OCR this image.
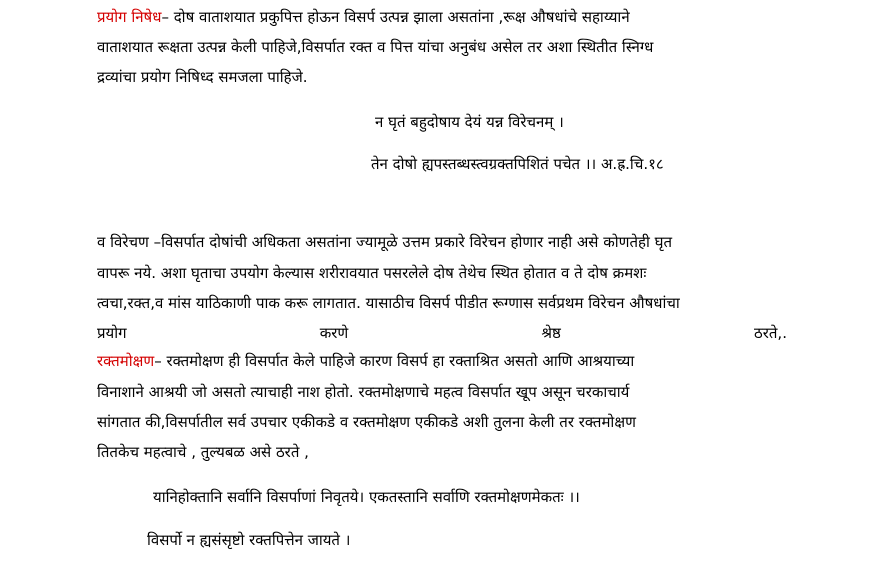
प्रयोग निषेध– दोष वाताशयात प्रकुपित्त होऊन विसर्प उत्पन्न झाला असतांना ,रूक्ष औषधांचे सहाय्याने
वाताशयात रूक्षता उत्पन्न केली पाहिजे,विसर्पात रक्त व पित्त यांचा अनुबंध असेल तर अशा स्थितीत स्निग्ध
द्रव्यांचा प्रयोग निषिध्द समजला पाहिजे.
न घृतं बहुदोषाय देयं यन्न विरेचनम् ।
तेन दोषो ह्यपस्तब्धस्त्वग्रक्तपिशितं पचेत ।। अ.ह्र.चि.१८
व विरेचण –विसर्पात दोषांची अधिकता असतांना ज्यामूळे उत्तम प्रकारे विरेचन होणार नाही असे कोणतेही घृत
वापरू नये. अशा घृताचा उपयोग केल्यास शरीरावयात पसरलेले दोष तेथेच स्थित होतात व ते दोष क्रमशः
त्वचा,रक्त,व मांस याठिकाणी पाक करू लागतात. यासाठीच विसर्प पीडीत रूग्णास सर्वप्रथम विरेचन औषधांचा
प्रयोग	करणे	श्रेष्ठ	ठरते,.
रक्तमोक्षण– रक्तमोक्षण ही विसर्पात केले पाहिजे कारण विसर्प हा रक्ताश्रित असतो आणि आश्रयाच्या
विनाशाने आश्रयी जो असतो त्याचाही नाश होतो. रक्तमोक्षणाचे महत्व विसर्पात खूप असून चरकाचार्य
सांगतात की,विसर्पातील सर्व उपचार एकीकडे व रक्तमोक्षण एकीकडे अशी तुलना केली तर रक्तमोक्षण
तितकेच महत्वाचे , तुल्यबळ असे ठरते ,
यानिहोक्तानि सर्वानि विसर्पाणां निवृतये। एकतस्तानि सर्वाणि रक्तमोक्षणमेकतः ।।
विसर्पो न ह्यसंसृष्टो रक्तपित्तेन जायते ।
